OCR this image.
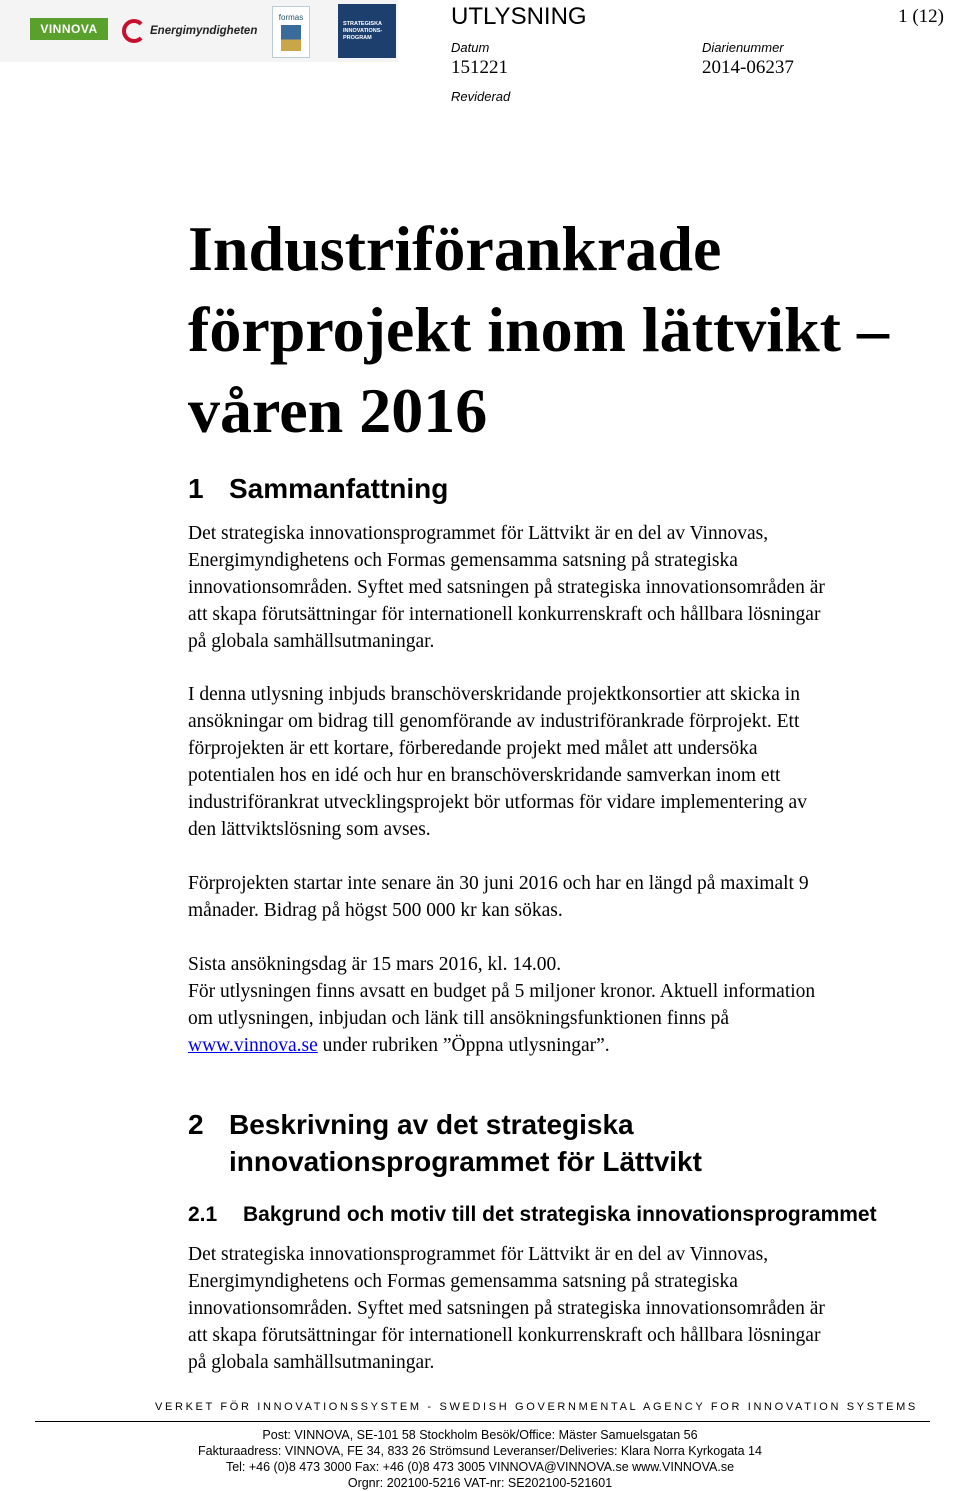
VINNOVA	Energimyndigheten
formas
STRATEGISKA
INNOVATIONS-
PROGRAM
UTLYSNING	1 (12)
Datum
151221
Diarienummer
2014-06237
Reviderad
Industriförankrade
förprojekt inom lättvikt –
våren 2016
1 Sammanfattning

Det strategiska innovationsprogrammet för Lättvikt är en del av Vinnovas,
Energimyndighetens och Formas gemensamma satsning på strategiska
innovationsområden. Syftet med satsningen på strategiska innovationsområden är
att skapa förutsättningar för internationell konkurrenskraft och hållbara lösningar
på globala samhällsutmaningar.

I denna utlysning inbjuds branschöverskridande projektkonsortier att skicka in
ansökningar om bidrag till genomförande av industriförankrade förprojekt. Ett
förprojekten är ett kortare, förberedande projekt med målet att undersöka
potentialen hos en idé och hur en branschöverskridande samverkan inom ett
industriförankrat utvecklingsprojekt bör utformas för vidare implementering av
den lättviktslösning som avses.

Förprojekten startar inte senare än 30 juni 2016 och har en längd på maximalt 9
månader. Bidrag på högst 500 000 kr kan sökas.

Sista ansökningsdag är 15 mars 2016, kl. 14.00.
För utlysningen finns avsatt en budget på 5 miljoner kronor. Aktuell information
om utlysningen, inbjudan och länk till ansökningsfunktionen finns på
www.vinnova.se under rubriken ”Öppna utlysningar”.

2 Beskrivning av det strategiska
innovationsprogrammet för Lättvikt
2.1 Bakgrund och motiv till det strategiska innovationsprogrammet

Det strategiska innovationsprogrammet för Lättvikt är en del av Vinnovas,
Energimyndighetens och Formas gemensamma satsning på strategiska
innovationsområden. Syftet med satsningen på strategiska innovationsområden är
att skapa förutsättningar för internationell konkurrenskraft och hållbara lösningar
på globala samhällsutmaningar.

VERKET FÖR INNOVATIONSSYSTEM - SWEDISH GOVERNMENTAL AGENCY FOR INNOVATION SYSTEMS
Post: VINNOVA, SE-101 58 Stockholm Besök/Office: Mäster Samuelsgatan 56
Fakturaadress: VINNOVA, FE 34, 833 26 Strömsund Leveranser/Deliveries: Klara Norra Kyrkogata 14
Tel: +46 (0)8 473 3000 Fax: +46 (0)8 473 3005 VINNOVA@VINNOVA.se www.VINNOVA.se
Orgnr: 202100-5216 VAT-nr: SE202100-521601
